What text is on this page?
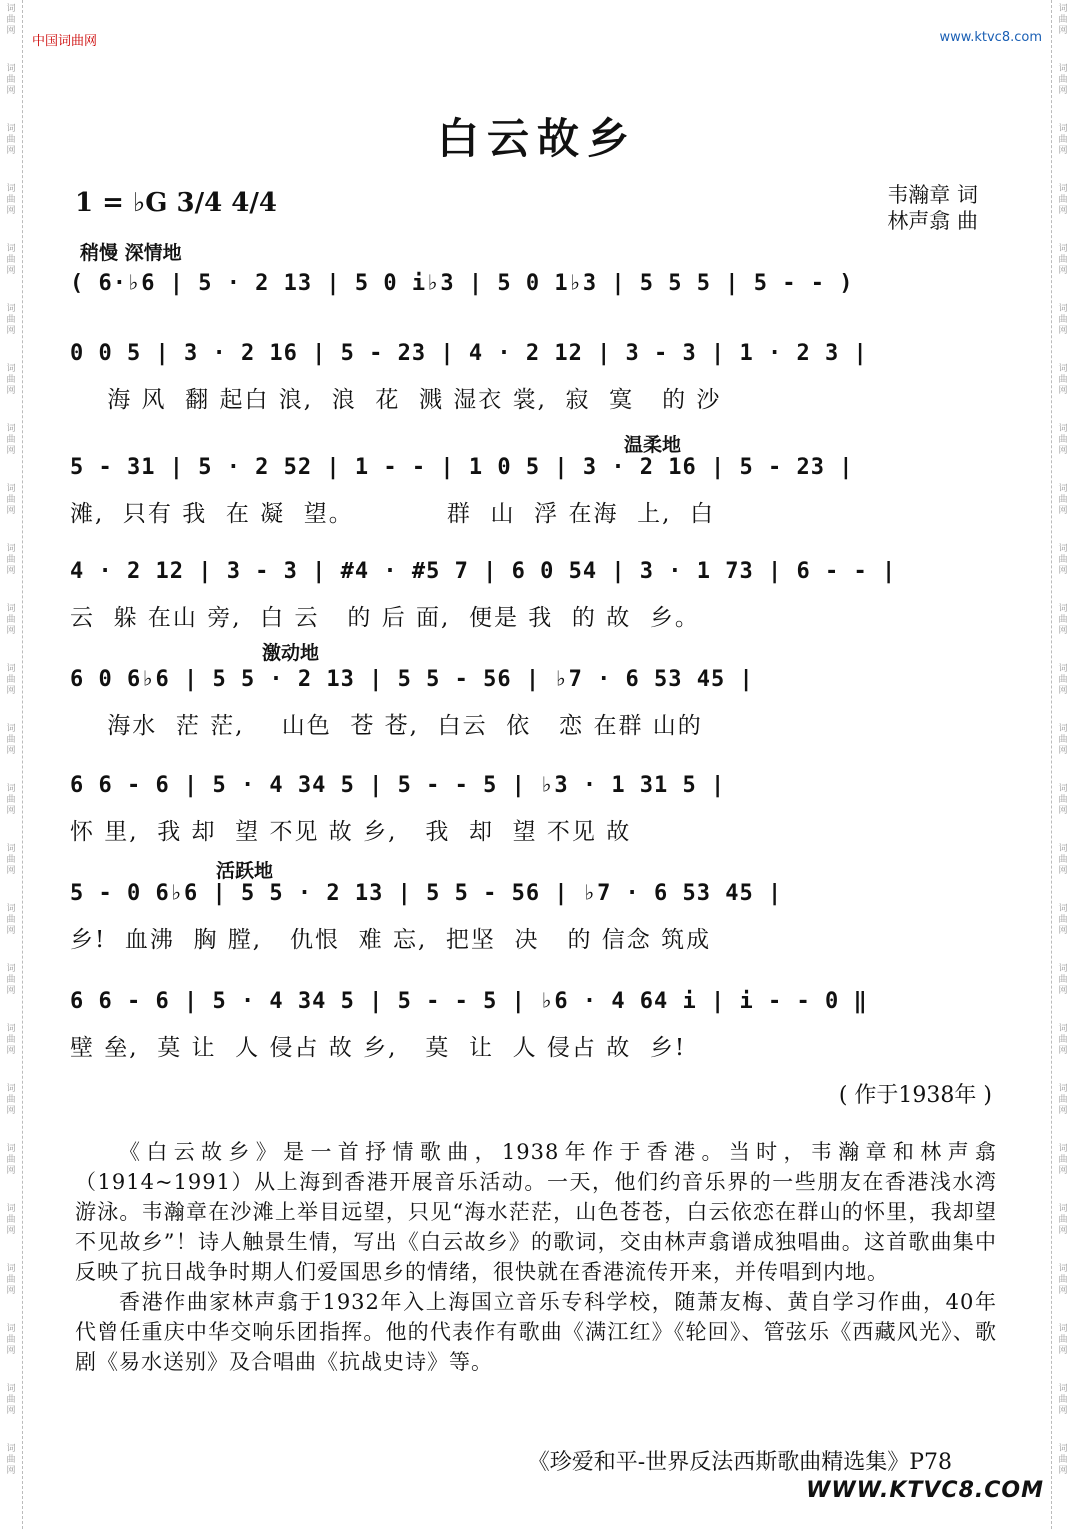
词
曲
网
词
曲
网
词
曲
网
词
曲
网
词
曲
网
词
曲
网
词
曲
网
词
曲
网
词
曲
网
词
曲
网
词
曲
网
词
曲
网
词
曲
网
词
曲
网
词
曲
网
词
曲
网
词
曲
网
词
曲
网
词
曲
网
词
曲
网
词
曲
网
词
曲
网
词
曲
网
词
曲
网
词
曲
网
词
曲
网
词
曲
网
词
曲
网
词
曲
网
词
曲
网
词
曲
网
词
曲
网
词
曲
网
词
曲
网
词
曲
网
词
曲
网
词
曲
网
词
曲
网
词
曲
网
词
曲
网
词
曲
网
词
曲
网
词
曲
网
词
曲
网
词
曲
网
词
曲
网
词
曲
网
词
曲
网
词
曲
网
词
曲
网
中国词曲网	www.ktvc8.com
白云故乡
1 = ♭G 3/4 4/4	韦瀚章 词
林声翕 曲
稍慢 深情地
温柔地
激动地
活跃地
( 6·♭6 | 5 · 2 13 | 5 0 i♭3 | 5 0 1♭3 | 5 5 5 | 5 - - )
0 0 5 | 3 · 2 16 | 5 - 23 | 4 · 2 12 | 3 - 3 | 1 · 2 3 |
海 风  翻 起白 浪,  浪  花  溅 湿衣 裳,  寂  寞   的 沙
5 - 31 | 5 · 2 52 | 1 - - | 1 0 5 | 3 · 2 16 | 5 - 23 |
滩,  只有 我  在 凝  望。          群  山  浮 在海  上,  白
4 · 2 12 | 3 - 3 | #4 · #5 7 | 6 0 54 | 3 · 1 73 | 6 - - |
云  躲 在山 旁,  白 云   的 后 面,  便是 我  的 故  乡。
6 0 6♭6 | 5 5 · 2 13 | 5 5 - 56 | ♭7 · 6 53 45 |
海水  茫 茫,    山色  苍 苍,  白云  依   恋 在群 山的
6 6 - 6 | 5 · 4 34 5 | 5 - - 5 | ♭3 · 1 31 5 |
怀 里,  我 却  望 不见 故 乡,   我  却  望 不见 故
5 - 0 6♭6 | 5 5 · 2 13 | 5 5 - 56 | ♭7 · 6 53 45 |
乡!  血沸  胸 膛,   仇恨  难 忘,  把坚  决   的 信念 筑成
6 6 - 6 | 5 · 4 34 5 | 5 - - 5 | ♭6 · 4 64 i | i - - 0 ‖
壁 垒,  莫 让  人 侵占 故 乡,   莫  让  人 侵占 故  乡!
( 作于1938年 )

《白云故乡》是一首抒情歌曲，1938年作于香港。当时，韦瀚章和林声翕（1914~1991）从上海到香港开展音乐活动。一天，他们约音乐界的一些朋友在香港浅水湾游泳。韦瀚章在沙滩上举目远望，只见“海水茫茫，山色苍苍，白云依恋在群山的怀里，我却望不见故乡”！诗人触景生情，写出《白云故乡》的歌词，交由林声翕谱成独唱曲。这首歌曲集中反映了抗日战争时期人们爱国思乡的情绪，很快就在香港流传开来，并传唱到内地。

香港作曲家林声翕于1932年入上海国立音乐专科学校，随萧友梅、黄自学习作曲，40年代曾任重庆中华交响乐团指挥。他的代表作有歌曲《满江红》《轮回》、管弦乐《西藏风光》、歌剧《易水送别》及合唱曲《抗战史诗》等。

《珍爱和平-世界反法西斯歌曲精选集》P78
WWW.KTVC8.COM
